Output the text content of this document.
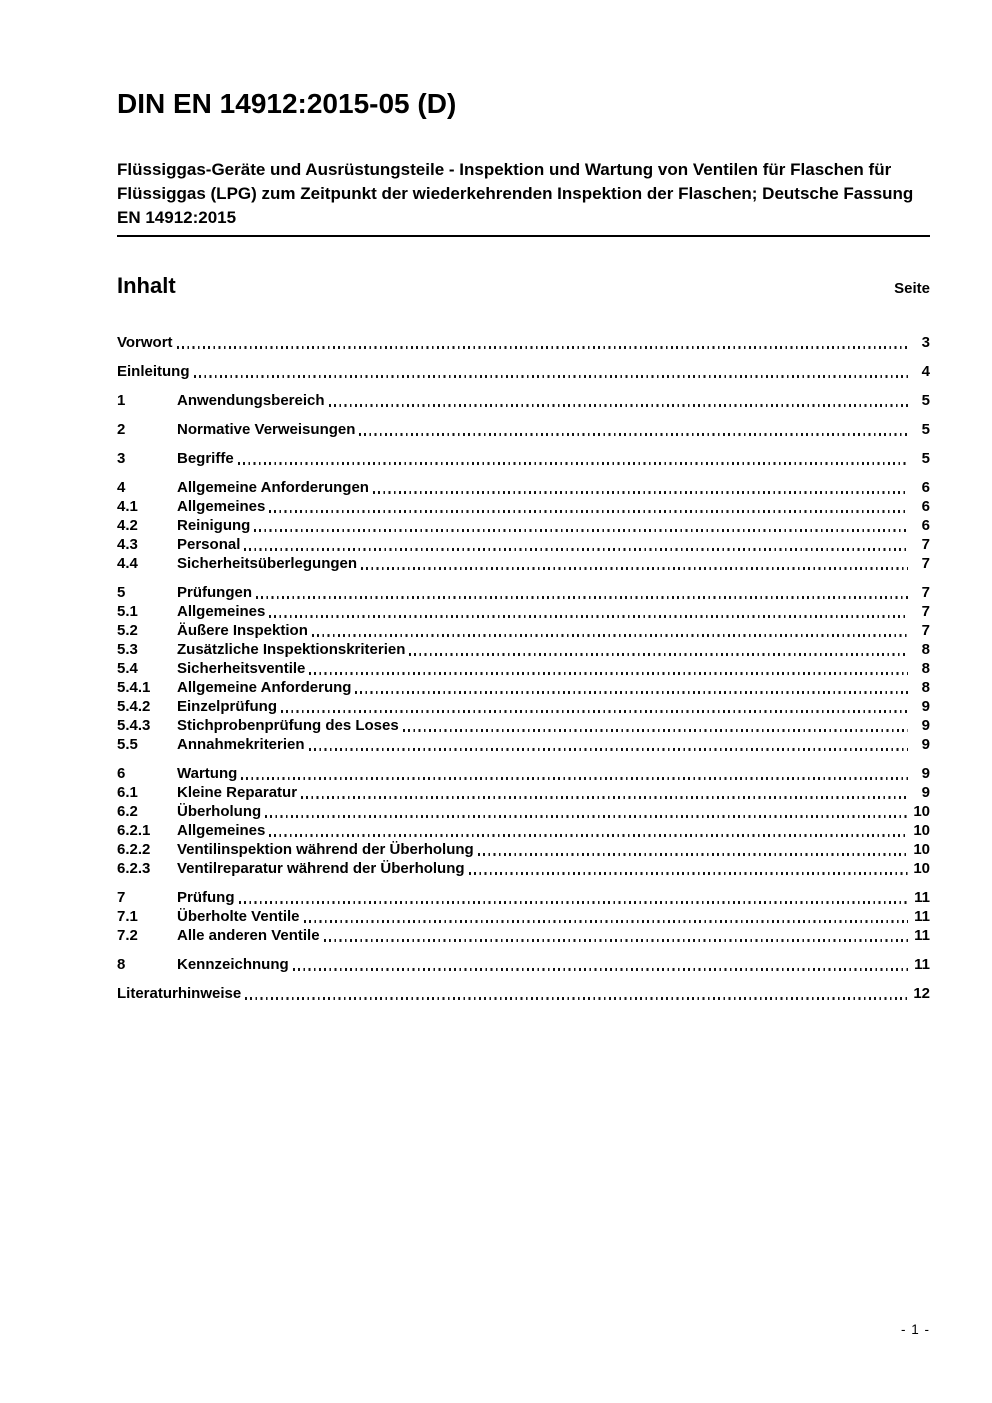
DIN EN 14912:2015-05 (D)

Flüssiggas-Geräte und Ausrüstungsteile - Inspektion und Wartung von Ventilen für Flaschen für Flüssiggas (LPG) zum Zeitpunkt der wiederkehrenden Inspektion der Flaschen; Deutsche Fassung EN 14912:2015

Inhalt	Seite
Vorwort	3
Einleitung	4
1	Anwendungsbereich	5
2	Normative Verweisungen	5
3	Begriffe	5
4	Allgemeine Anforderungen	6
4.1	Allgemeines	6
4.2	Reinigung	6
4.3	Personal	7
4.4	Sicherheitsüberlegungen	7
5	Prüfungen	7
5.1	Allgemeines	7
5.2	Äußere Inspektion	7
5.3	Zusätzliche Inspektionskriterien	8
5.4	Sicherheitsventile	8
5.4.1	Allgemeine Anforderung	8
5.4.2	Einzelprüfung	9
5.4.3	Stichprobenprüfung des Loses	9
5.5	Annahmekriterien	9
6	Wartung	9
6.1	Kleine Reparatur	9
6.2	Überholung	10
6.2.1	Allgemeines	10
6.2.2	Ventilinspektion während der Überholung	10
6.2.3	Ventilreparatur während der Überholung	10
7	Prüfung	11
7.1	Überholte Ventile	11
7.2	Alle anderen Ventile	11
8	Kennzeichnung	11
Literaturhinweise	12
- 1 -
